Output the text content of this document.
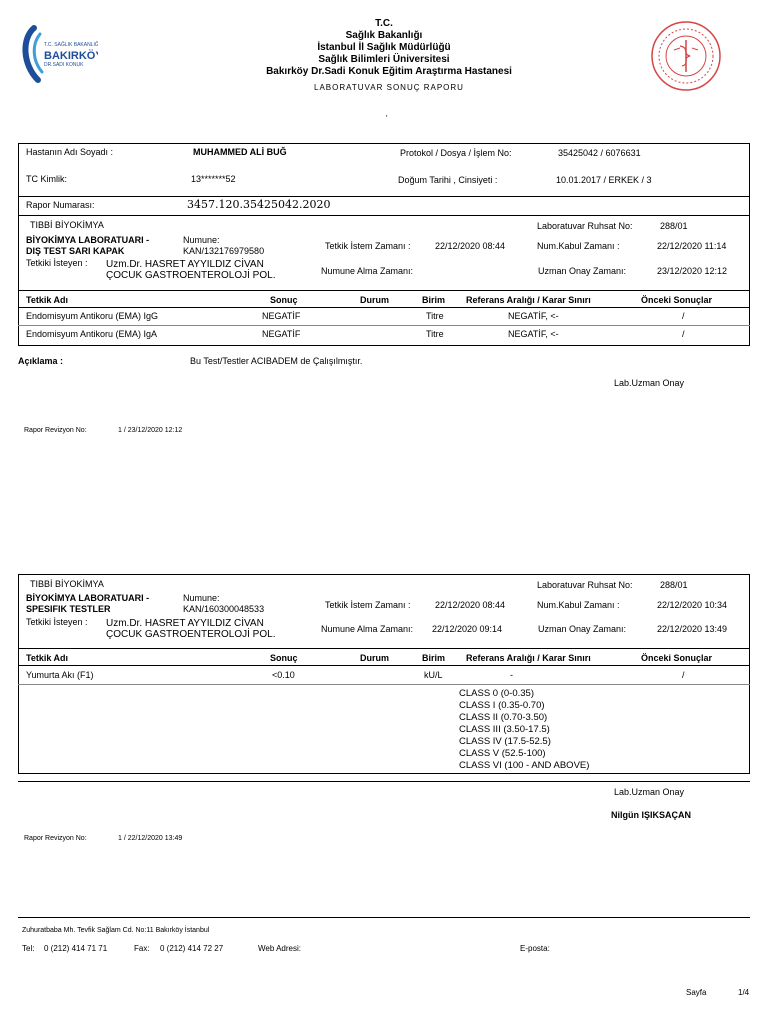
T.C. SAĞLIK BAKANLIĞI
BAKIRKÖY
DR.SADI KONUK
T.C.
Sağlık Bakanlığı
İstanbul İl Sağlık Müdürlüğü
Sağlık Bilimleri Üniversitesi
Bakırköy Dr.Sadi Konuk Eğitim Araştırma Hastanesi
LABORATUVAR SONUÇ RAPORU
'
Hastanın Adı Soyadı :	MUHAMMED ALİ BUĞ	Protokol / Dosya / İşlem No:	35425042 / 6076631
TC Kimlik:	13*******52	Doğum Tarihi , Cinsiyeti :	10.01.2017 / ERKEK / 3
Rapor Numarası:	3457.120.35425042.2020
TIBBİ BİYOKİMYA
BİYOKİMYA LABORATUARI -
DIŞ TEST SARI KAPAK
Numune:
KAN/132176979580
Tetkiki İsteyen : Uzm.Dr. HASRET AYYILDIZ CİVAN
ÇOCUK GASTROENTEROLOJİ POL.
Laboratuvar Ruhsat No:	288/01
Tetkik İstem Zamanı :	22/12/2020 08:44	Num.Kabul Zamanı :	22/12/2020 11:14
Numune Alma Zamanı:	Uzman Onay Zamanı:	23/12/2020 12:12
Tetkik Adı	Sonuç	Durum	Birim Referans Aralığı / Karar Sınırı	Önceki Sonuçlar
Endomisyum Antikoru (EMA) IgG	NEGATİF	Titre	NEGATİF, <-	/
Endomisyum Antikoru (EMA) IgA	NEGATİF	Titre	NEGATİF, <-	/
Açıklama :	Bu Test/Testler ACIBADEM de Çalışılmıştır.
Lab.Uzman Onay
Rapor Revizyon No:	1 / 23/12/2020 12:12
TIBBİ BİYOKİMYA
BİYOKİMYA LABORATUARI -
SPESIFIK TESTLER
Numune:
KAN/160300048533
Tetkiki İsteyen : Uzm.Dr. HASRET AYYILDIZ CİVAN
ÇOCUK GASTROENTEROLOJİ POL.
Laboratuvar Ruhsat No:	288/01
Tetkik İstem Zamanı :	22/12/2020 08:44	Num.Kabul Zamanı :	22/12/2020 10:34
Numune Alma Zamanı: 22/12/2020 09:14	Uzman Onay Zamanı:	22/12/2020 13:49
Tetkik Adı	Sonuç	Durum	Birim Referans Aralığı / Karar Sınırı	Önceki Sonuçlar
Yumurta Akı (F1)	<0.10	kU/L	-	/
CLASS 0 (0-0.35)
CLASS I (0.35-0.70)
CLASS II (0.70-3.50)
CLASS III (3.50-17.5)
CLASS IV (17.5-52.5)
CLASS V (52.5-100)
CLASS VI (100 - AND ABOVE)
Lab.Uzman Onay
Nilgün IŞIKSAÇAN
Rapor Revizyon No:	1 / 22/12/2020 13:49
Zuhuratbaba Mh. Tevfik Sağlam Cd. No:11 Bakırköy İstanbul
Tel: 0 (212) 414 71 71	Fax: 0 (212) 414 72 27	Web Adresi:	E-posta:
Sayfa	1/4
